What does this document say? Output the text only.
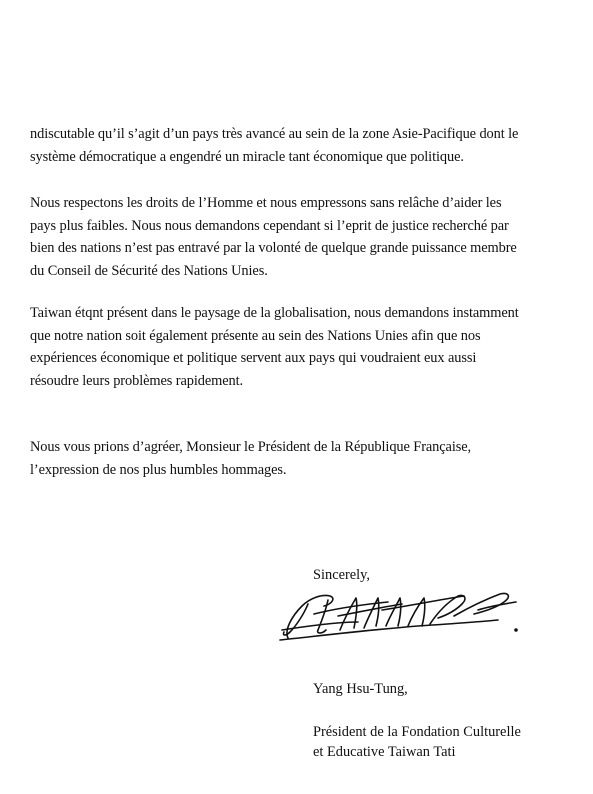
ndiscutable qu’il s’agit d’un pays très avancé au sein de la zone Asie-Pacifique dont le
système démocratique a engendré un miracle tant économique que politique.
Nous respectons les droits de l’Homme et nous empressons sans relâche d’aider les
pays plus faibles. Nous nous demandons cependant si l’eprit de justice recherché par
bien des nations n’est pas entravé par la volonté de quelque grande puissance membre
du Conseil de Sécurité des Nations Unies.
Taiwan étqnt présent dans le paysage de la globalisation, nous demandons instamment
que notre nation soit également présente au sein des Nations Unies afin que nos
expériences économique et politique servent aux pays qui voudraient eux aussi
résoudre leurs problèmes rapidement.
Nous vous prions d’agréer, Monsieur le Président de la République Française,
l’expression de nos plus humbles hommages.
Sincerely,
Yang Hsu-Tung,
Président de la Fondation Culturelle
et Educative Taiwan Tati
